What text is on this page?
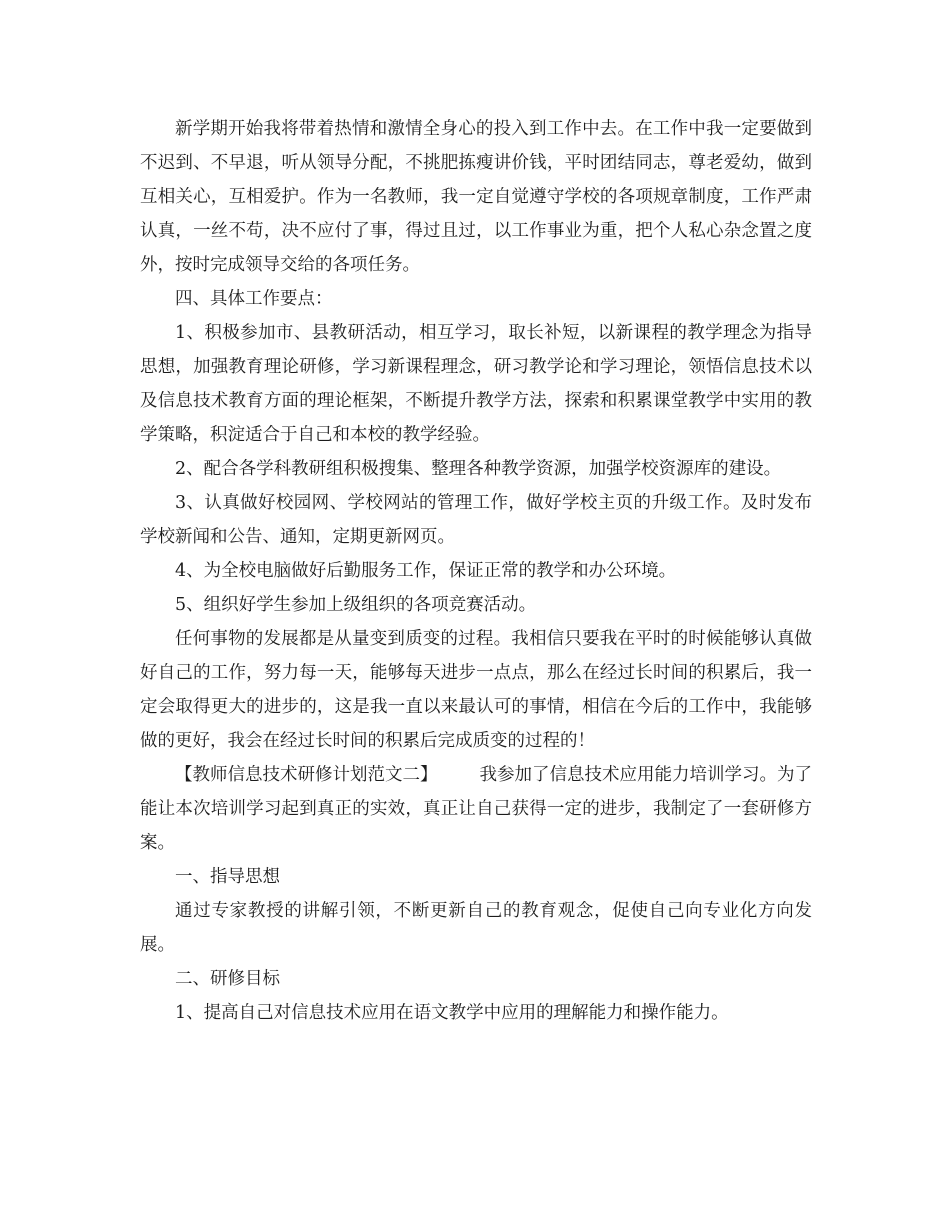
新学期开始我将带着热情和激情全身心的投入到工作中去。在工作中我一定要做到不迟到、不早退，听从领导分配，不挑肥拣瘦讲价钱，平时团结同志，尊老爱幼，做到互相关心，互相爱护。作为一名教师，我一定自觉遵守学校的各项规章制度，工作严肃认真，一丝不苟，决不应付了事，得过且过，以工作事业为重，把个人私心杂念置之度外，按时完成领导交给的各项任务。

四、具体工作要点：

1、积极参加市、县教研活动，相互学习，取长补短，以新课程的教学理念为指导思想，加强教育理论研修，学习新课程理念，研习教学论和学习理论，领悟信息技术以及信息技术教育方面的理论框架，不断提升教学方法，探索和积累课堂教学中实用的教学策略，积淀适合于自己和本校的教学经验。

2、配合各学科教研组积极搜集、整理各种教学资源，加强学校资源库的建设。

3、认真做好校园网、学校网站的管理工作，做好学校主页的升级工作。及时发布学校新闻和公告、通知，定期更新网页。

4、为全校电脑做好后勤服务工作，保证正常的教学和办公环境。

5、组织好学生参加上级组织的各项竞赛活动。

任何事物的发展都是从量变到质变的过程。我相信只要我在平时的时候能够认真做好自己的工作，努力每一天，能够每天进步一点点，那么在经过长时间的积累后，我一定会取得更大的进步的，这是我一直以来最认可的事情，相信在今后的工作中，我能够做的更好，我会在经过长时间的积累后完成质变的过程的！

【教师信息技术研修计划范文二】 我参加了信息技术应用能力培训学习。为了能让本次培训学习起到真正的实效，真正让自己获得一定的进步，我制定了一套研修方案。

一、指导思想

通过专家教授的讲解引领，不断更新自己的教育观念，促使自己向专业化方向发展。

二、研修目标

1、提高自己对信息技术应用在语文教学中应用的理解能力和操作能力。
